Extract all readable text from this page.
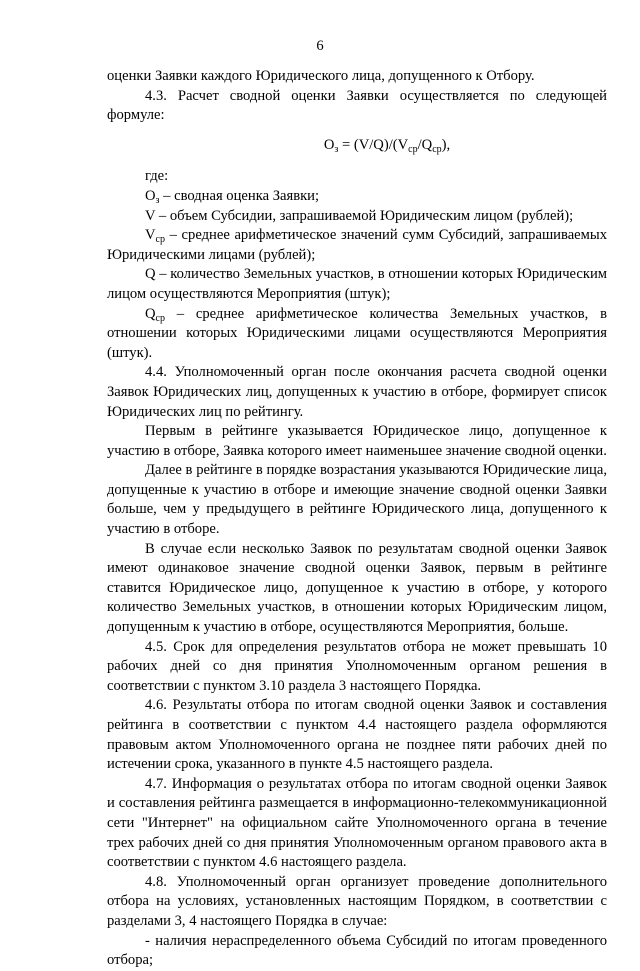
6

оценки Заявки каждого Юридического лица, допущенного к Отбору.

4.3. Расчет сводной оценки Заявки осуществляется по следующей формуле:

$О_з = (V/Q)/(V_{ср}/Q_{ср})$,

где:

$О_з$ – сводная оценка Заявки;

V – объем Субсидии, запрашиваемой Юридическим лицом (рублей);

$V_{ср}$ – среднее арифметическое значений сумм Субсидий, запрашиваемых Юридическими лицами (рублей);

Q – количество Земельных участков, в отношении которых Юридическим лицом осуществляются Мероприятия (штук);

$Q_{ср}$ – среднее арифметическое количества Земельных участков, в отношении которых Юридическими лицами осуществляются Мероприятия (штук).

4.4. Уполномоченный орган после окончания расчета сводной оценки Заявок Юридических лиц, допущенных к участию в отборе, формирует список Юридических лиц по рейтингу.

Первым в рейтинге указывается Юридическое лицо, допущенное к участию в отборе, Заявка которого имеет наименьшее значение сводной оценки.

Далее в рейтинге в порядке возрастания указываются Юридические лица, допущенные к участию в отборе и имеющие значение сводной оценки Заявки больше, чем у предыдущего в рейтинге Юридического лица, допущенного к участию в отборе.

В случае если несколько Заявок по результатам сводной оценки Заявок имеют одинаковое значение сводной оценки Заявок, первым в рейтинге ставится Юридическое лицо, допущенное к участию в отборе, у которого количество Земельных участков, в отношении которых Юридическим лицом, допущенным к участию в отборе, осуществляются Мероприятия, больше.

4.5. Срок для определения результатов отбора не может превышать 10 рабочих дней со дня принятия Уполномоченным органом решения в соответствии с пунктом 3.10 раздела 3 настоящего Порядка.

4.6. Результаты отбора по итогам сводной оценки Заявок и составления рейтинга в соответствии с пунктом 4.4 настоящего раздела оформляются правовым актом Уполномоченного органа не позднее пяти рабочих дней по истечении срока, указанного в пункте 4.5 настоящего раздела.

4.7. Информация о результатах отбора по итогам сводной оценки Заявок и составления рейтинга размещается в информационно-телекоммуникационной сети "Интернет" на официальном сайте Уполномоченного органа в течение трех рабочих дней со дня принятия Уполномоченным органом правового акта в соответствии с пунктом 4.6 настоящего раздела.

4.8. Уполномоченный орган организует проведение дополнительного отбора на условиях, установленных настоящим Порядком, в соответствии с разделами 3, 4 настоящего Порядка в случае:

- наличия нераспределенного объема Субсидий по итогам проведенного отбора;
